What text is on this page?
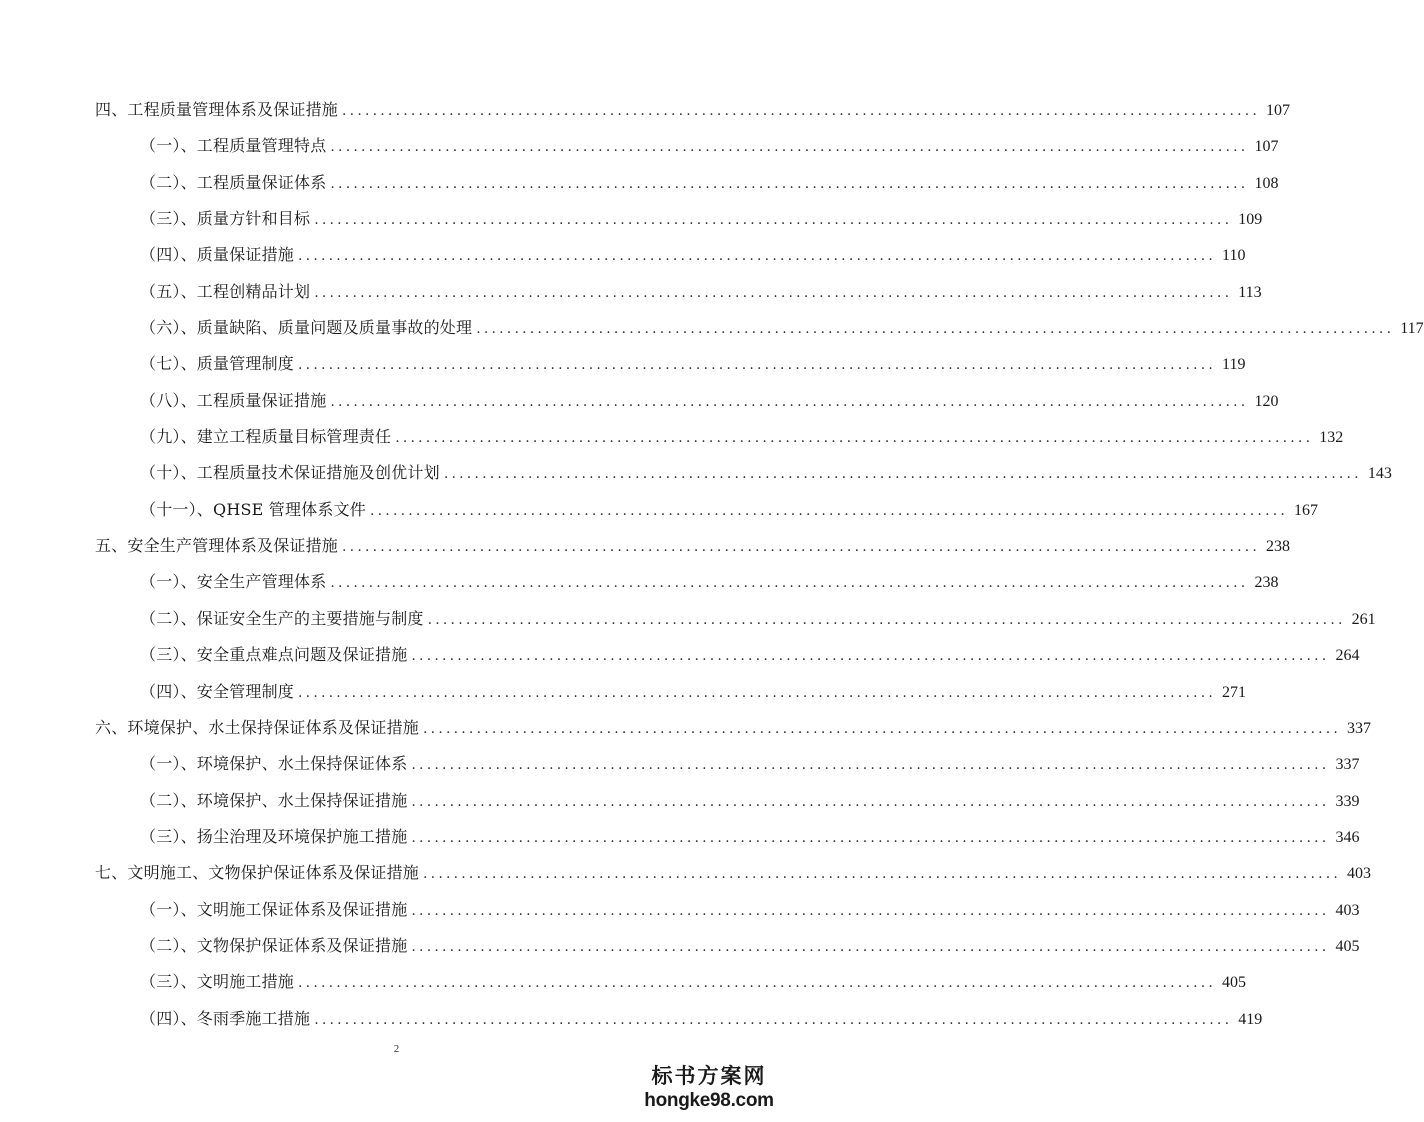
四、工程质量管理体系及保证措施 ........................................................................................................................ 107
（一）、工程质量管理特点 ........................................................................................................................ 107
（二）、工程质量保证体系 ........................................................................................................................ 108
（三）、质量方针和目标 ........................................................................................................................ 109
（四）、质量保证措施 ........................................................................................................................ 110
（五）、工程创精品计划 ........................................................................................................................ 113
（六）、质量缺陷、质量问题及质量事故的处理 ........................................................................................................................ 117
（七）、质量管理制度 ........................................................................................................................ 119
（八）、工程质量保证措施 ........................................................................................................................ 120
（九）、建立工程质量目标管理责任 ........................................................................................................................ 132
（十）、工程质量技术保证措施及创优计划 ........................................................................................................................ 143
（十一）、QHSE 管理体系文件 ........................................................................................................................ 167
五、安全生产管理体系及保证措施 ........................................................................................................................ 238
（一）、安全生产管理体系 ........................................................................................................................ 238
（二）、保证安全生产的主要措施与制度 ........................................................................................................................ 261
（三）、安全重点难点问题及保证措施 ........................................................................................................................ 264
（四）、安全管理制度 ........................................................................................................................ 271
六、环境保护、水土保持保证体系及保证措施 ........................................................................................................................ 337
（一）、环境保护、水土保持保证体系 ........................................................................................................................ 337
（二）、环境保护、水土保持保证措施 ........................................................................................................................ 339
（三）、扬尘治理及环境保护施工措施 ........................................................................................................................ 346
七、文明施工、文物保护保证体系及保证措施 ........................................................................................................................ 403
（一）、文明施工保证体系及保证措施 ........................................................................................................................ 403
（二）、文物保护保证体系及保证措施 ........................................................................................................................ 405
（三）、文明施工措施 ........................................................................................................................ 405
（四）、冬雨季施工措施 ........................................................................................................................ 419
2
标书方案网
hongke98.com
